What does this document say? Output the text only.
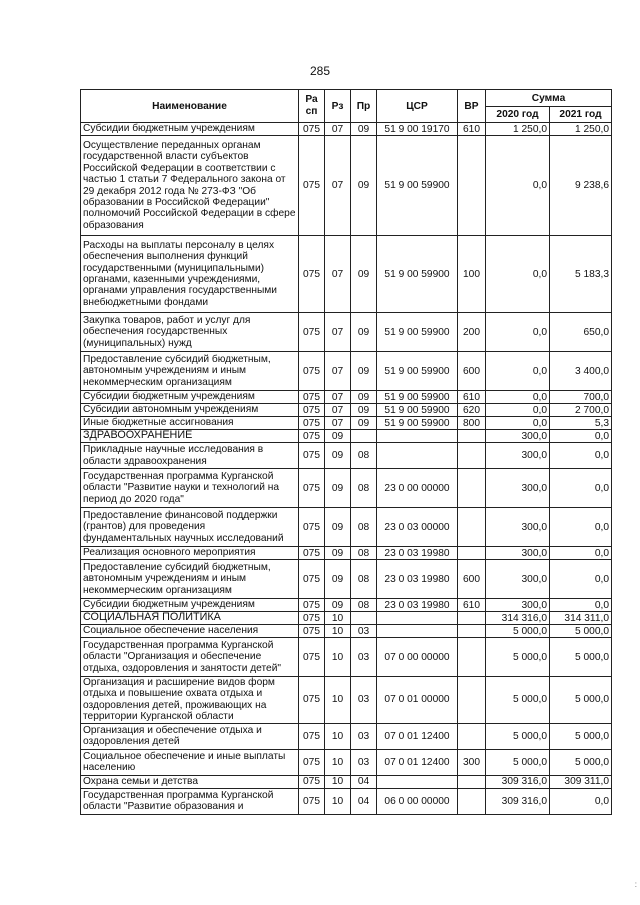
285
Наименование	Ра сп	Рз	Пр	ЦСР	ВР	Сумма	
						2020 год	2021 год
Субсидии бюджетным учреждениям	075	07	09	51 9 00 19170	610	1 250,0	1 250,0
Осуществление переданных органам государственной власти субъектов Российской Федерации в соответствии с частью 1 статьи 7 Федерального закона от 29 декабря 2012 года № 273-ФЗ "Об образовании в Российской Федерации" полномочий Российской Федерации в сфере образования	075	07	09	51 9 00 59900		0,0	9 238,6
Расходы на выплаты персоналу в целях обеспечения выполнения функций государственными (муниципальными) органами, казенными учреждениями, органами управления государственными внебюджетными фондами	075	07	09	51 9 00 59900	100	0,0	5 183,3
Закупка товаров, работ и услуг для обеспечения государственных (муниципальных) нужд	075	07	09	51 9 00 59900	200	0,0	650,0
Предоставление субсидий бюджетным, автономным учреждениям и иным некоммерческим организациям	075	07	09	51 9 00 59900	600	0,0	3 400,0
Субсидии бюджетным учреждениям	075	07	09	51 9 00 59900	610	0,0	700,0
Субсидии автономным учреждениям	075	07	09	51 9 00 59900	620	0,0	2 700,0
Иные бюджетные ассигнования	075	07	09	51 9 00 59900	800	0,0	5,3
ЗДРАВООХРАНЕНИЕ	075	09				300,0	0,0
Прикладные научные исследования в области здравоохранения	075	09	08			300,0	0,0
Государственная программа Курганской области "Развитие науки и технологий на период до 2020 года"	075	09	08	23 0 00 00000		300,0	0,0
Предоставление финансовой поддержки (грантов) для проведения фундаментальных научных исследований	075	09	08	23 0 03 00000		300,0	0,0
Реализация основного мероприятия	075	09	08	23 0 03 19980		300,0	0,0
Предоставление субсидий бюджетным, автономным учреждениям и иным некоммерческим организациям	075	09	08	23 0 03 19980	600	300,0	0,0
Субсидии бюджетным учреждениям	075	09	08	23 0 03 19980	610	300,0	0,0
СОЦИАЛЬНАЯ ПОЛИТИКА	075	10				314 316,0	314 311,0
Социальное обеспечение населения	075	10	03			5 000,0	5 000,0
Государственная программа Курганской области "Организация и обеспечение отдыха, оздоровления и занятости детей"	075	10	03	07 0 00 00000		5 000,0	5 000,0
Организация и расширение видов форм отдыха и повышение охвата отдыха и оздоровления детей, проживающих на территории Курганской области	075	10	03	07 0 01 00000		5 000,0	5 000,0
Организация и обеспечение отдыха и оздоровления детей	075	10	03	07 0 01 12400		5 000,0	5 000,0
Социальное обеспечение и иные выплаты населению	075	10	03	07 0 01 12400	300	5 000,0	5 000,0
Охрана семьи и детства	075	10	04			309 316,0	309 311,0
Государственная программа Курганской области "Развитие образования и	075	10	04	06 0 00 00000		309 316,0	0,0
:
